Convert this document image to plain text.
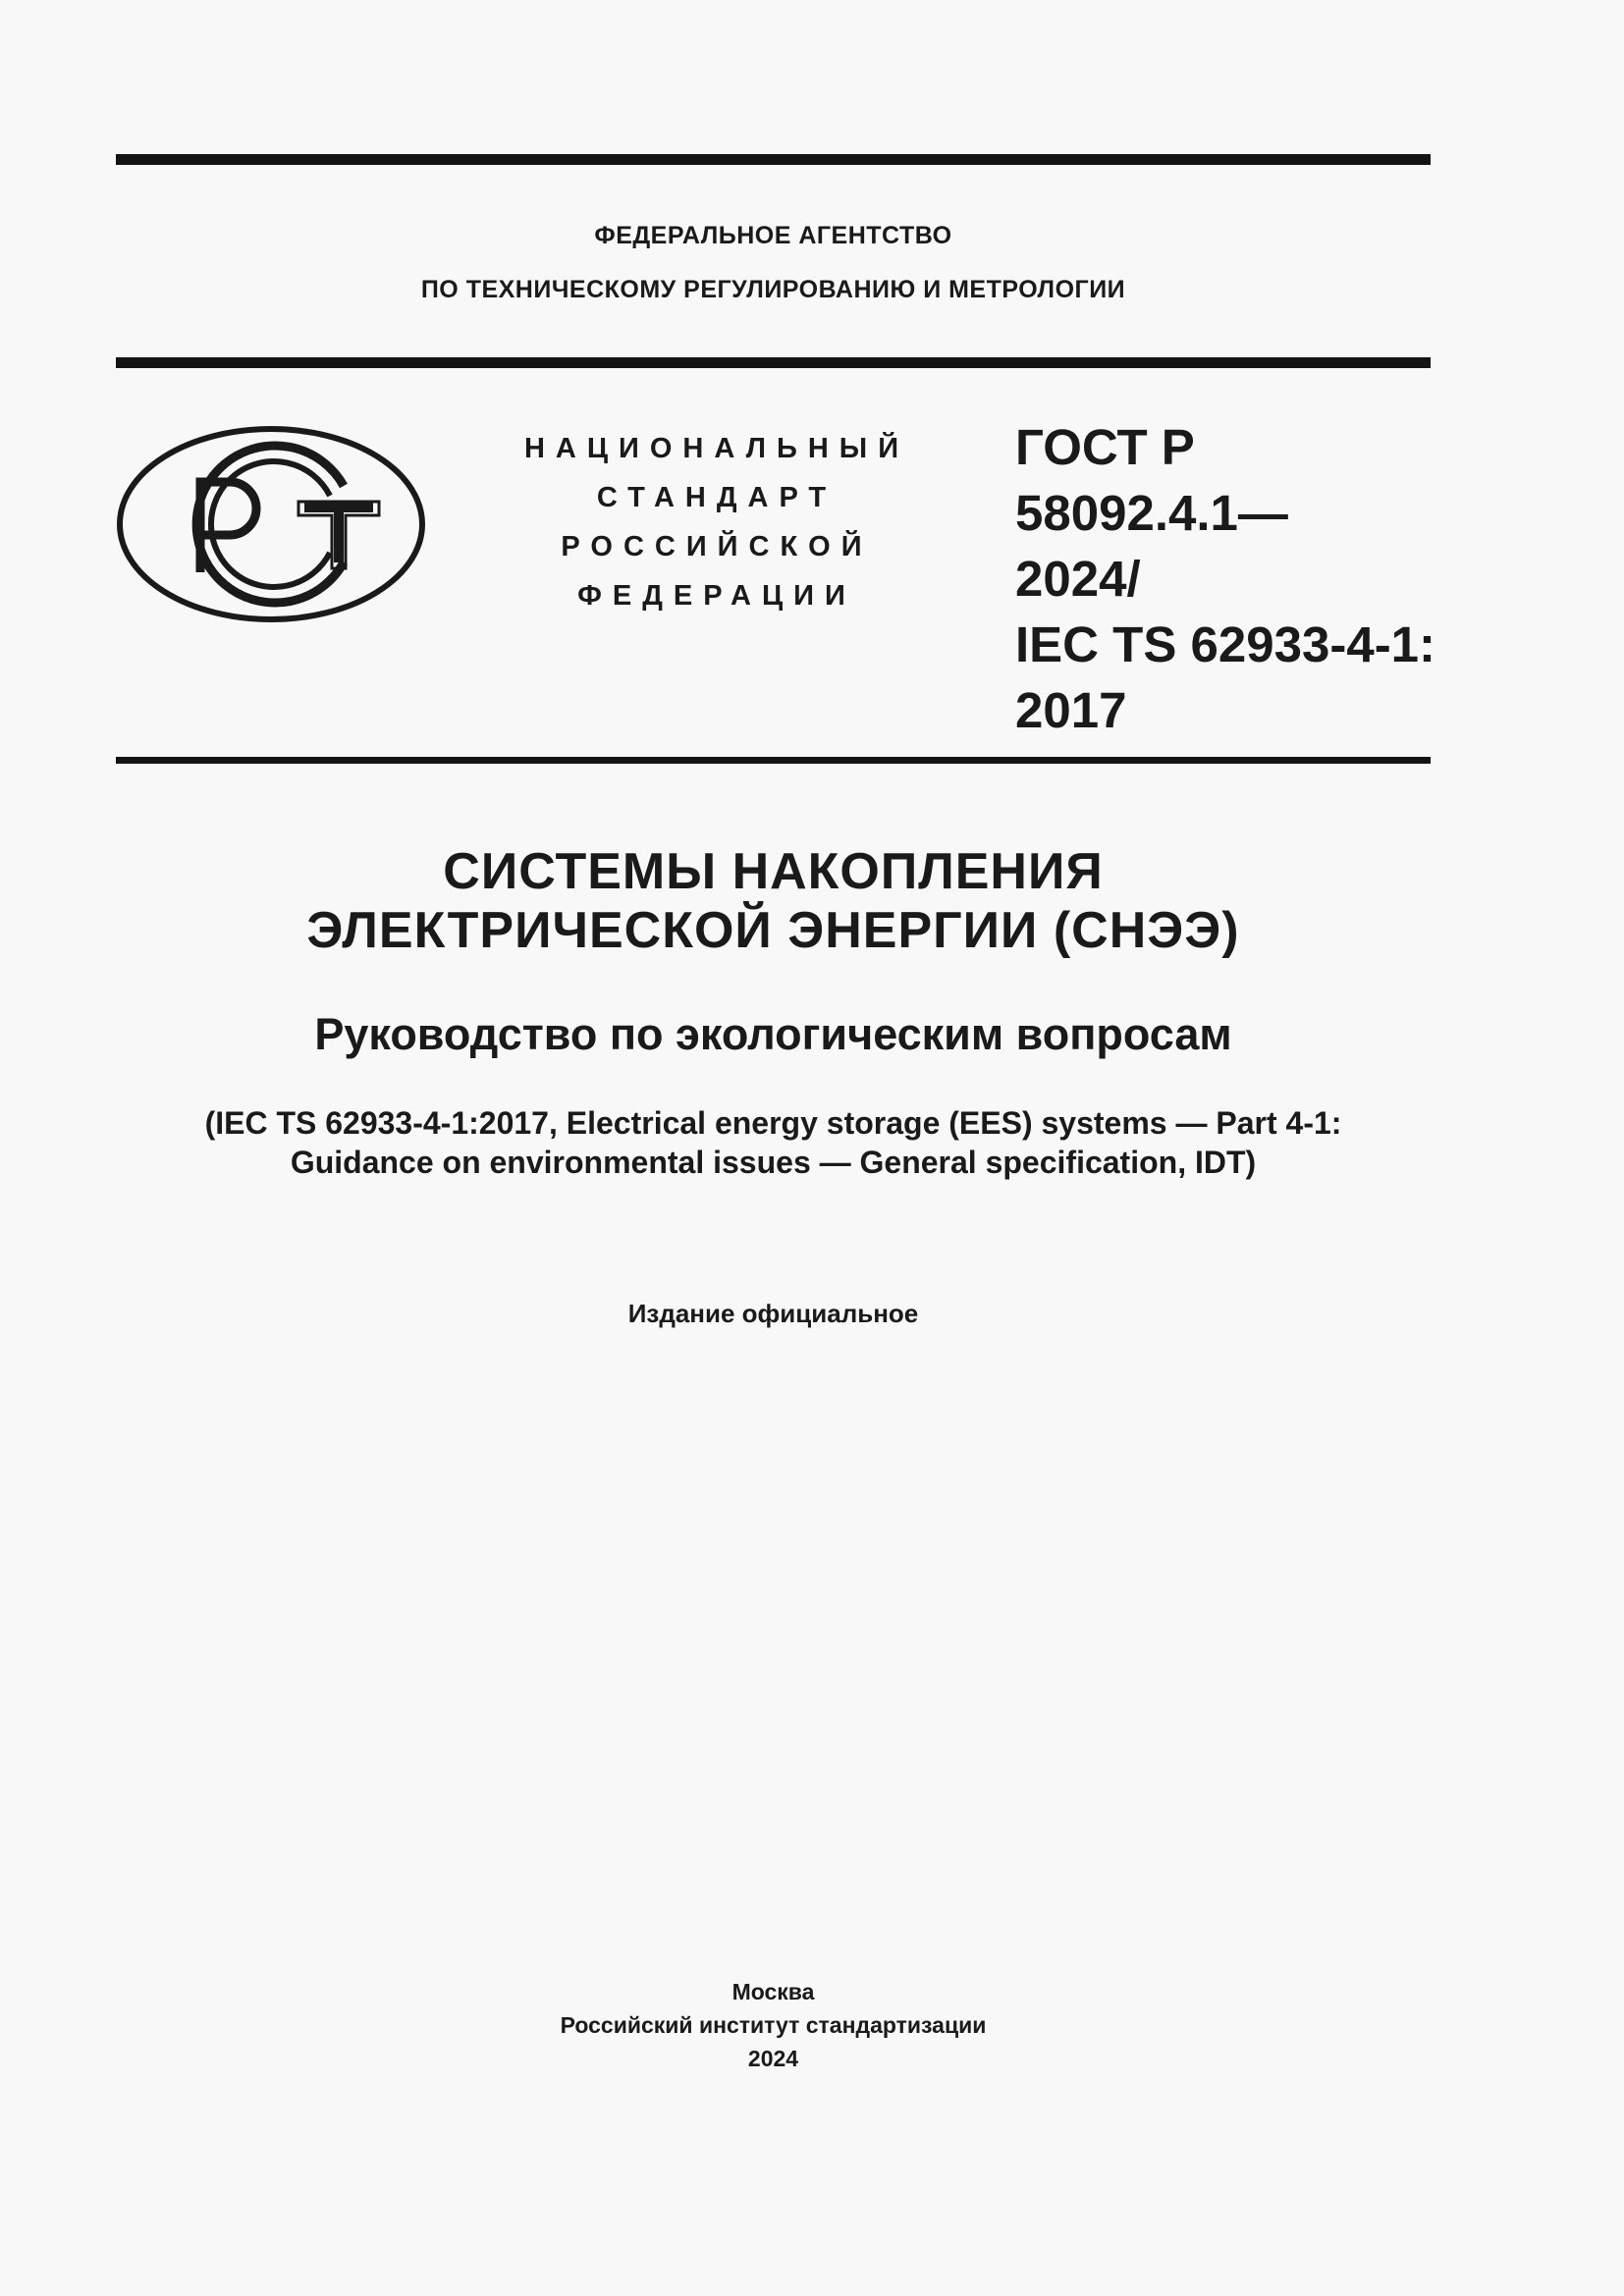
ФЕДЕРАЛЬНОЕ АГЕНТСТВО
ПО ТЕХНИЧЕСКОМУ РЕГУЛИРОВАНИЮ И МЕТРОЛОГИИ
НАЦИОНАЛЬНЫЙ
СТАНДАРТ
РОССИЙСКОЙ
ФЕДЕРАЦИИ
ГОСТ Р
58092.4.1—
2024/
IEC TS 62933-4-1:
2017
СИСТЕМЫ НАКОПЛЕНИЯ
ЭЛЕКТРИЧЕСКОЙ ЭНЕРГИИ (СНЭЭ)
Руководство по экологическим вопросам
(IEC TS 62933-4-1:2017, Electrical energy storage (EES) systems — Part 4-1:
Guidance on environmental issues — General specification, IDT)
Издание официальное
Москва
Российский институт стандартизации
2024
